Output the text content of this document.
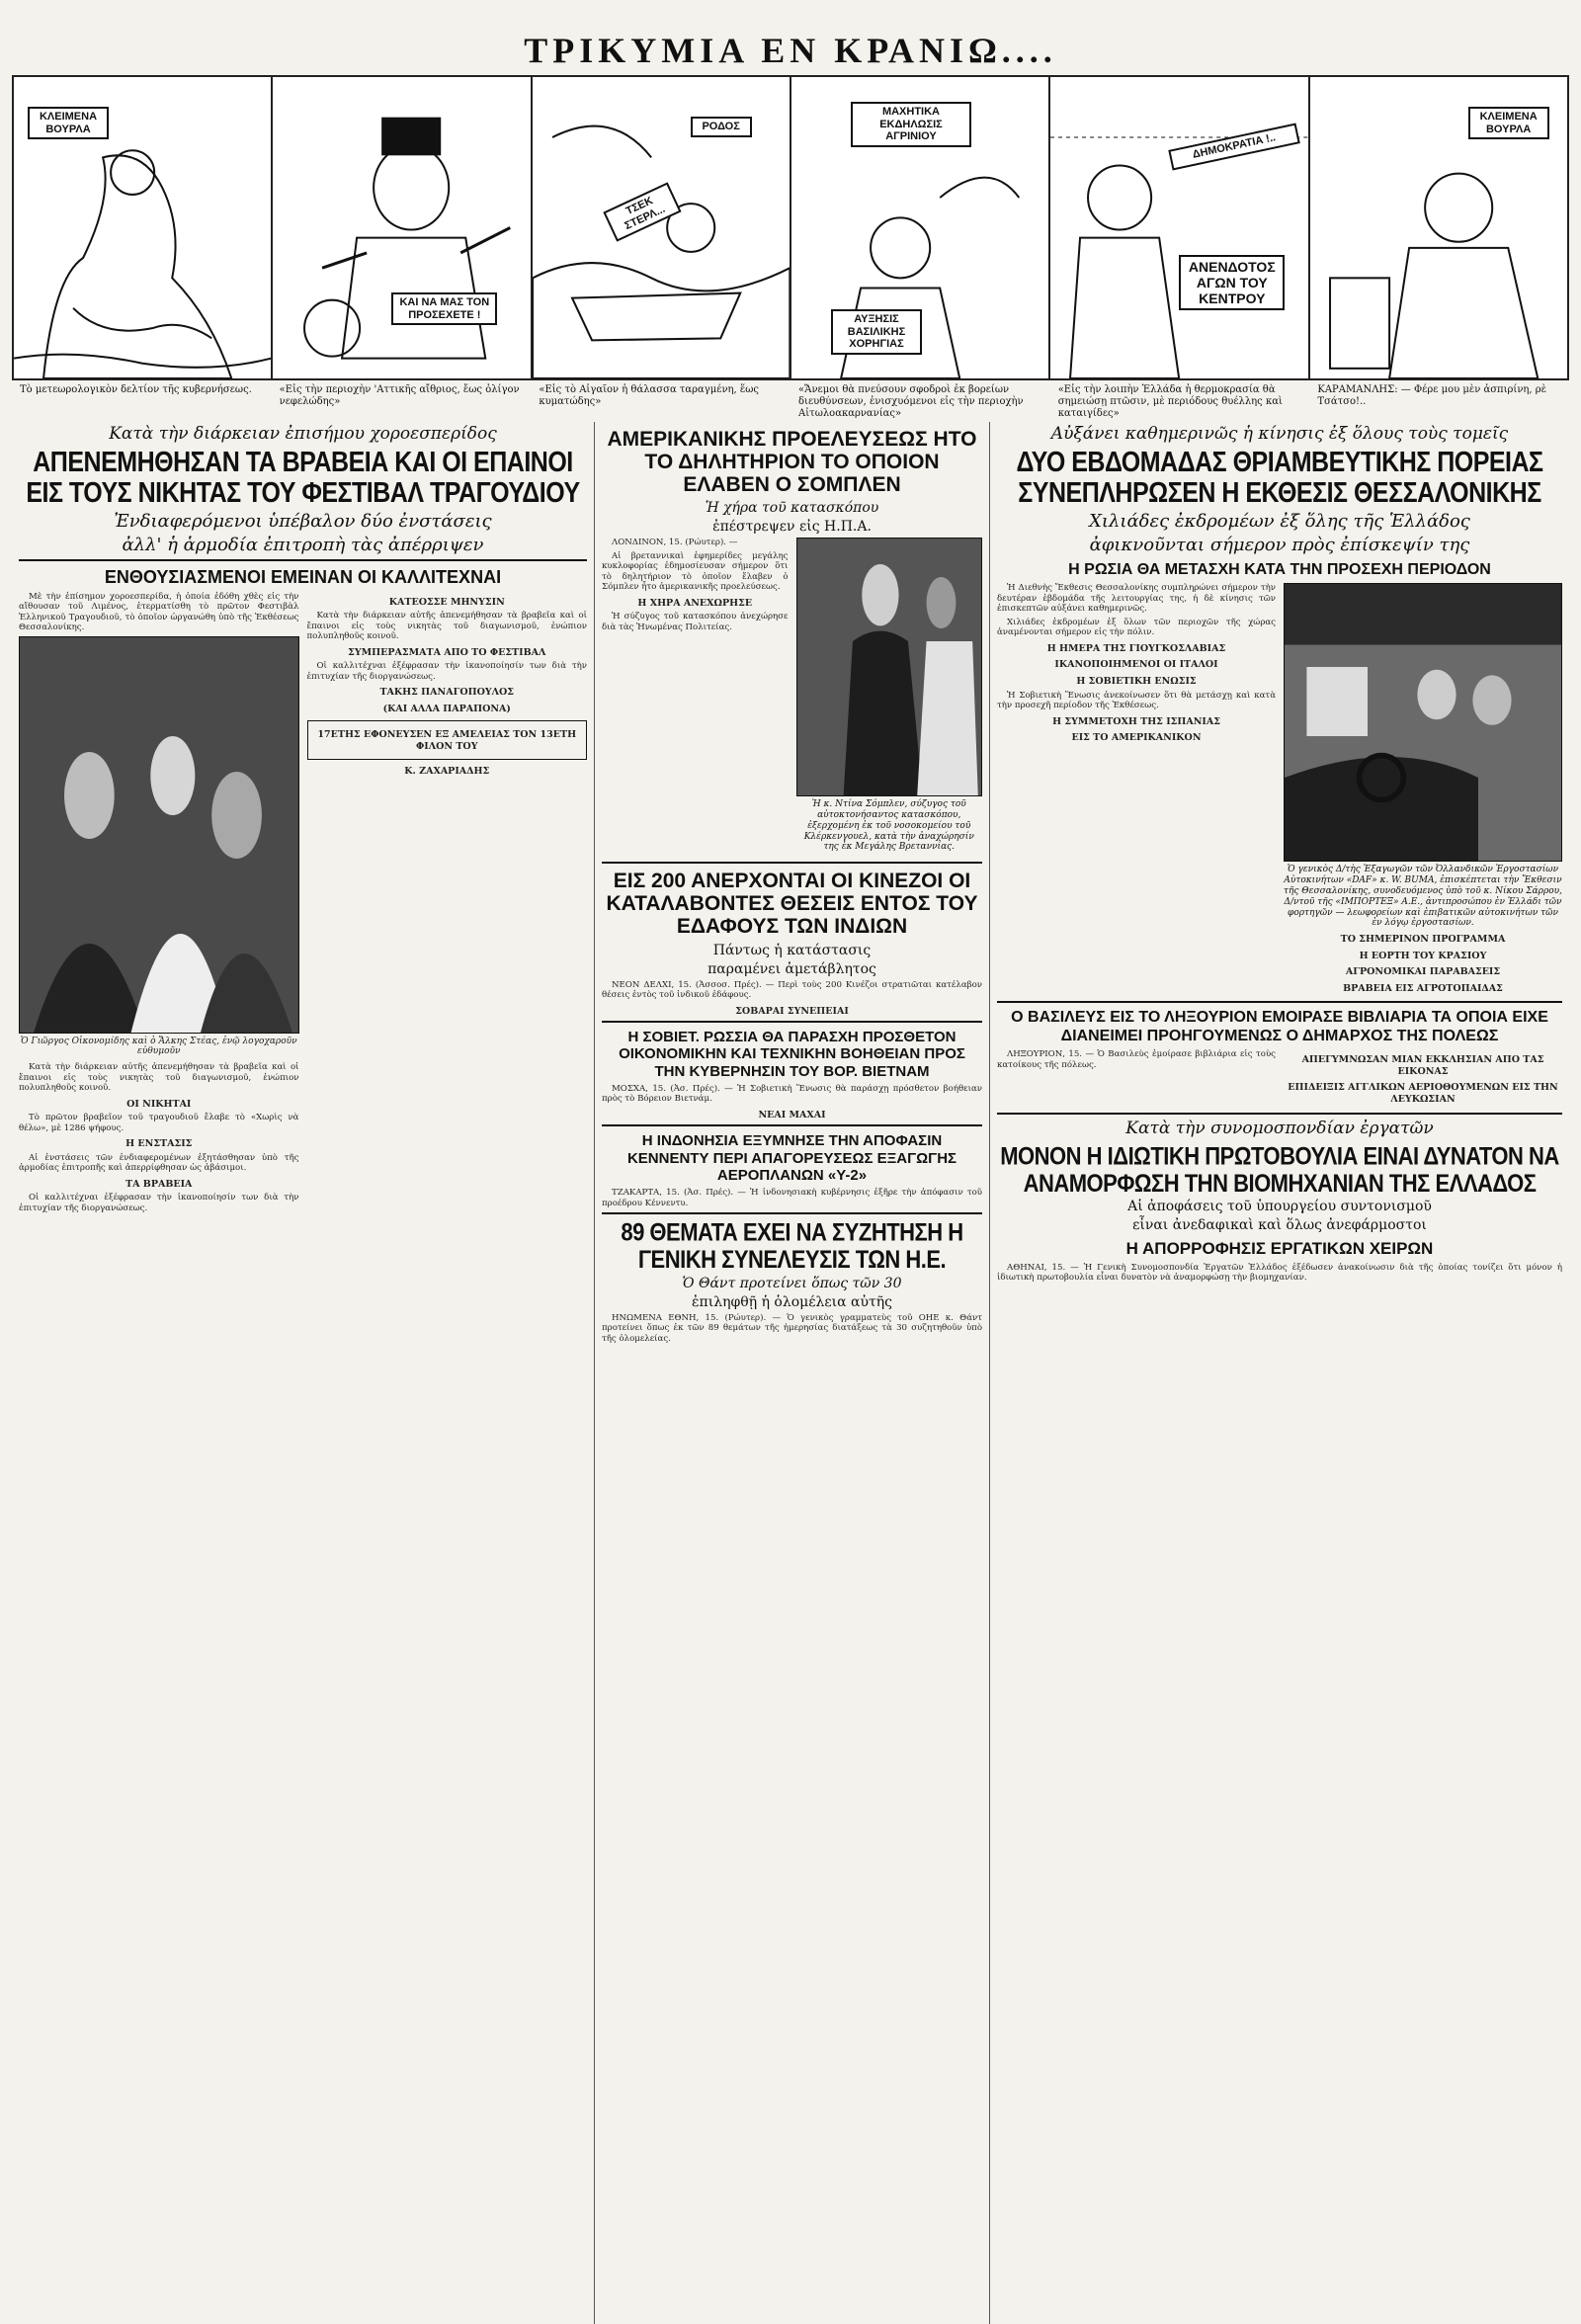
ΤΡΙΚΥΜΙΑ ΕΝ ΚΡΑΝΙΩ....
ΚΛΕΙΜΕΝΑ ΒΟΥΡΛΑ
ΚΑΙ ΝΑ ΜΑΣ ΤΟΝ ΠΡΟΣΕΧΕΤΕ !
ΡΟΔΟΣ
ΤΣΕΚ ΣΤΕΡΛ...
ΜΑΧΗΤΙΚΑ ΕΚΔΗΛΩΣΙΣ ΑΓΡΙΝΙΟΥ
ΑΥΞΗΣΙΣ ΒΑΣΙΛΙΚΗΣ ΧΟΡΗΓΙΑΣ
ΔΗΜΟΚΡΑΤΙΑ !..
ΑΝΕΝΔΟΤΟΣ ΑΓΩΝ ΤΟΥ ΚΕΝΤΡΟΥ
ΚΛΕΙΜΕΝΑ ΒΟΥΡΛΑ
Τὸ μετεωρολογικὸν δελτίον τῆς κυβερνήσεως.	«Εἰς τὴν περιοχὴν 'Αττικῆς αἴθριος, ἔως ὀλίγον νεφελώδης»
«Εἰς τὸ Αἰγαῖον ἡ θάλασσα ταραγμένη, ἕως κυματώδης»
«Ἄνεμοι θὰ πνεύσουν σφοδροὶ ἐκ βορείων διευθύνσεων, ἐνισχυόμενοι εἰς τὴν περιοχὴν Αἰτωλοακαρνανίας»
«Εἰς τὴν λοιπὴν Ἑλλάδα ἡ θερμοκρασία θὰ σημειώσῃ πτῶσιν, μὲ περιόδους θυέλλης καὶ καταιγίδες»
ΚΑΡΑΜΑΝΛΗΣ: — Φέρε μου μὲν ἀσπιρίνη, ρὲ Τσάτσο!..
Κατὰ τὴν διάρκειαν ἐπισήμου χοροεσπερίδος
ΑΠΕΝΕΜΗΘΗΣΑΝ ΤΑ ΒΡΑΒΕΙΑ ΚΑΙ ΟΙ ΕΠΑΙΝΟΙ ΕΙΣ ΤΟΥΣ ΝΙΚΗΤΑΣ ΤΟΥ ΦΕΣΤΙΒΑΛ ΤΡΑΓΟΥΔΙΟΥ
Ἐνδιαφερόμενοι ὑπέβαλον δύο ἐνστάσεις
ἀλλ' ἡ ἁρμοδία ἐπιτροπὴ τὰς ἀπέρριψεν
ΕΝΘΟΥΣΙΑΣΜΕΝΟΙ ΕΜΕΙΝΑΝ ΟΙ ΚΑΛΛΙΤΕΧΝΑΙ

Μὲ τὴν ἐπίσημον χοροεσπερίδα, ἡ ὁποία ἐδόθη χθὲς εἰς τὴν αἴθουσαν τοῦ Λιμένος, ἐτερματίσθη τὸ πρῶτον Φεστιβὰλ Ἑλληνικοῦ Τραγουδιοῦ, τὸ ὁποῖον ὠργανώθη ὑπὸ τῆς Ἐκθέσεως Θεσσαλονίκης.

Ὁ Γιῶργος Οἰκονομίδης καὶ ὁ Ἄλκης Στέας, ἐνῷ λογοχαροῦν εὐθυμοῦν

Κατὰ τὴν διάρκειαν αὐτῆς ἀπενεμήθησαν τὰ βραβεῖα καὶ οἱ ἔπαινοι εἰς τοὺς νικητὰς τοῦ διαγωνισμοῦ, ἐνώπιον πολυπληθοῦς κοινοῦ.

ΟΙ ΝΙΚΗΤΑΙ

Τὸ πρῶτον βραβεῖον τοῦ τραγουδιοῦ ἔλαβε τὸ «Χωρὶς νὰ θέλω», μὲ 1286 ψήφους.

Η ΕΝΣΤΑΣΙΣ

Αἱ ἐνστάσεις τῶν ἐνδιαφερομένων ἐξητάσθησαν ὑπὸ τῆς ἁρμοδίας ἐπιτροπῆς καὶ ἀπερρίφθησαν ὡς ἀβάσιμοι.

ΤΑ ΒΡΑΒΕΙΑ

Οἱ καλλιτέχναι ἐξέφρασαν τὴν ἱκανοποίησίν των διὰ τὴν ἐπιτυχίαν τῆς διοργανώσεως.

ΚΑΤΕΟΣΣΕ ΜΗΝΥΣΙΝ

Κατὰ τὴν διάρκειαν αὐτῆς ἀπενεμήθησαν τὰ βραβεῖα καὶ οἱ ἔπαινοι εἰς τοὺς νικητὰς τοῦ διαγωνισμοῦ, ἐνώπιον πολυπληθοῦς κοινοῦ.

ΣΥΜΠΕΡΑΣΜΑΤΑ ΑΠΟ ΤΟ ΦΕΣΤΙΒΑΛ

Οἱ καλλιτέχναι ἐξέφρασαν τὴν ἱκανοποίησίν των διὰ τὴν ἐπιτυχίαν τῆς διοργανώσεως.

ΤΑΚΗΣ ΠΑΝΑΓΟΠΟΥΛΟΣ
(ΚΑΙ ΑΛΛΑ ΠΑΡΑΠΟΝΑ)
17ΕΤΗΣ ΕΦΟΝΕΥΣΕΝ ΕΞ ΑΜΕΛΕΙΑΣ ΤΟΝ 13ΕΤΗ ΦΙΛΟΝ ΤΟΥ
Κ. ΖΑΧΑΡΙΑΔΗΣ
ΑΜΕΡΙΚΑΝΙΚΗΣ ΠΡΟΕΛΕΥΣΕΩΣ ΗΤΟ ΤΟ ΔΗΛΗΤΗΡΙΟΝ ΤΟ ΟΠΟΙΟΝ ΕΛΑΒΕΝ Ο ΣΟΜΠΛΕΝ
Ἡ χήρα τοῦ κατασκόπου
ἐπέστρεψεν εἰς Η.Π.Α.

ΛΟΝΔΙΝΟΝ, 15. (Ρώυτερ). —

Αἱ βρεταννικαὶ ἐφημερίδες μεγάλης κυκλοφορίας ἐδημοσίευσαν σήμερον ὅτι τὸ δηλητήριον τὸ ὁποῖον ἔλαβεν ὁ Σόμπλεν ἦτο ἀμερικανικῆς προελεύσεως.

Η ΧΗΡΑ ΑΝΕΧΩΡΗΣΕ

Ἡ σύζυγος τοῦ κατασκόπου ἀνεχώρησε διὰ τὰς Ἡνωμένας Πολιτείας.

Ἡ κ. Ντίνα Σόμπλεν, σύζυγος τοῦ αὐτοκτονήσαντος κατασκόπου, ἐξερχομένη ἐκ τοῦ νοσοκομείου τοῦ Κλέρκενγουελ, κατὰ τὴν ἀναχώρησίν της ἐκ Μεγάλης Βρεταννίας.
ΕΙΣ 200 ΑΝΕΡΧΟΝΤΑΙ ΟΙ ΚΙΝΕΖΟΙ ΟΙ ΚΑΤΑΛΑΒΟΝΤΕΣ ΘΕΣΕΙΣ ΕΝΤΟΣ ΤΟΥ ΕΔΑΦΟΥΣ ΤΩΝ ΙΝΔΙΩΝ
Πάντως ἡ κατάστασις
παραμένει ἀμετάβλητος

ΝΕΟΝ ΔΕΛΧΙ, 15. (Ἀσσοσ. Πρές). — Περὶ τοὺς 200 Κινέζοι στρατιῶται κατέλαβον θέσεις ἐντὸς τοῦ ἰνδικοῦ ἐδάφους.

ΣΟΒΑΡΑΙ ΣΥΝΕΠΕΙΑΙ
Η ΣΟΒΙΕΤ. ΡΩΣΣΙΑ ΘΑ ΠΑΡΑΣΧΗ ΠΡΟΣΘΕΤΟΝ ΟΙΚΟΝΟΜΙΚΗΝ ΚΑΙ ΤΕΧΝΙΚΗΝ ΒΟΗΘΕΙΑΝ ΠΡΟΣ ΤΗΝ ΚΥΒΕΡΝΗΣΙΝ ΤΟΥ ΒΟΡ. ΒΙΕΤΝΑΜ

ΜΟΣΧΑ, 15. (Ἀσ. Πρές). — Ἡ Σοβιετικὴ Ἕνωσις θὰ παράσχῃ πρόσθετον βοήθειαν πρὸς τὸ Βόρειον Βιετνάμ.

ΝΕΑΙ ΜΑΧΑΙ
Η ΙΝΔΟΝΗΣΙΑ ΕΞΥΜΝΗΣΕ ΤΗΝ ΑΠΟΦΑΣΙΝ ΚΕΝΝΕΝΤΥ ΠΕΡΙ ΑΠΑΓΟΡΕΥΣΕΩΣ ΕΞΑΓΩΓΗΣ ΑΕΡΟΠΛΑΝΩΝ «Υ-2»

ΤΖΑΚΑΡΤΑ, 15. (Ἀσ. Πρές). — Ἡ ἰνδονησιακὴ κυβέρνησις ἐξῆρε τὴν ἀπόφασιν τοῦ προέδρου Κέννεντυ.

89 ΘΕΜΑΤΑ ΕΧΕΙ ΝΑ ΣΥΖΗΤΗΣΗ Η ΓΕΝΙΚΗ ΣΥΝΕΛΕΥΣΙΣ ΤΩΝ Η.Ε.
Ὁ Θάντ προτείνει ὅπως τῶν 30
ἐπιληφθῇ ἡ ὁλομέλεια αὐτῆς

ΗΝΩΜΕΝΑ ΕΘΝΗ, 15. (Ρώυτερ). — Ὁ γενικὸς γραμματεὺς τοῦ ΟΗΕ κ. Θάντ προτείνει ὅπως ἐκ τῶν 89 θεμάτων τῆς ἡμερησίας διατάξεως τὰ 30 συζητηθοῦν ὑπὸ τῆς ὁλομελείας.

Αὐξάνει καθημερινῶς ἡ κίνησις ἐξ ὅλους τοὺς τομεῖς
ΔΥΟ ΕΒΔΟΜΑΔΑΣ ΘΡΙΑΜΒΕΥΤΙΚΗΣ ΠΟΡΕΙΑΣ ΣΥΝΕΠΛΗΡΩΣΕΝ Η ΕΚΘΕΣΙΣ ΘΕΣΣΑΛΟΝΙΚΗΣ
Χιλιάδες ἐκδρομέων ἐξ ὅλης τῆς Ἑλλάδος
ἀφικνοῦνται σήμερον πρὸς ἐπίσκεψίν της
Η ΡΩΣΙΑ ΘΑ ΜΕΤΑΣΧΗ ΚΑΤΑ ΤΗΝ ΠΡΟΣΕΧΗ ΠΕΡΙΟΔΟΝ

Ἡ Διεθνὴς Ἔκθεσις Θεσσαλονίκης συμπληρώνει σήμερον τὴν δευτέραν ἑβδομάδα τῆς λειτουργίας της, ἡ δὲ κίνησις τῶν ἐπισκεπτῶν αὐξάνει καθημερινῶς.

Χιλιάδες ἐκδρομέων ἐξ ὅλων τῶν περιοχῶν τῆς χώρας ἀναμένονται σήμερον εἰς τὴν πόλιν.

Η ΗΜΕΡΑ ΤΗΣ ΓΙΟΥΓΚΟΣΛΑΒΙΑΣ
ΙΚΑΝΟΠΟΙΗΜΕΝΟΙ ΟΙ ΙΤΑΛΟΙ
Η ΣΟΒΙΕΤΙΚΗ ΕΝΩΣΙΣ

Ἡ Σοβιετικὴ Ἕνωσις ἀνεκοίνωσεν ὅτι θὰ μετάσχῃ καὶ κατὰ τὴν προσεχῆ περίοδον τῆς Ἐκθέσεως.

Η ΣΥΜΜΕΤΟΧΗ ΤΗΣ ΙΣΠΑΝΙΑΣ
ΕΙΣ ΤΟ ΑΜΕΡΙΚΑΝΙΚΟΝ
Ὁ γενικὸς Δ/τὴς Ἐξαγωγῶν τῶν Ὀλλανδικῶν Ἐργοστασίων Αὐτοκινήτων «DAF» κ. W. BUMA, ἐπισκέπτεται τὴν Ἔκθεσιν τῆς Θεσσαλονίκης, συνοδευόμενος ὑπὸ τοῦ κ. Νίκου Σάρρου, Δ/ντοῦ τῆς «ΙΜΠΟΡΤΕΞ» Α.Ε., ἀντιπροσώπου ἐν Ἑλλάδι τῶν φορτηγῶν — λεωφορείων καὶ ἐπιβατικῶν αὐτοκινήτων τῶν ἐν λόγῳ ἐργοστασίων.
ΤΟ ΣΗΜΕΡΙΝΟΝ ΠΡΟΓΡΑΜΜΑ
Η ΕΟΡΤΗ ΤΟΥ ΚΡΑΣΙΟΥ
ΑΓΡΟΝΟΜΙΚΑΙ ΠΑΡΑΒΑΣΕΙΣ
ΒΡΑΒΕΙΑ ΕΙΣ ΑΓΡΟΤΟΠΑΙΔΑΣ
Ο ΒΑΣΙΛΕΥΣ ΕΙΣ ΤΟ ΛΗΞΟΥΡΙΟΝ ΕΜΟΙΡΑΣΕ ΒΙΒΛΙΑΡΙΑ ΤΑ ΟΠΟΙΑ ΕΙΧΕ ΔΙΑΝΕΙΜΕΙ ΠΡΟΗΓΟΥΜΕΝΩΣ Ο ΔΗΜΑΡΧΟΣ ΤΗΣ ΠΟΛΕΩΣ

ΛΗΞΟΥΡΙΟΝ, 15. — Ὁ Βασιλεὺς ἐμοίρασε βιβλιάρια εἰς τοὺς κατοίκους τῆς πόλεως.	ΑΠΕΓΥΜΝΩΣΑΝ ΜΙΑΝ ΕΚΚΛΗΣΙΑΝ ΑΠΟ ΤΑΣ ΕΙΚΟΝΑΣ
ΕΠΙΔΕΙΞΙΣ ΑΓΓΛΙΚΩΝ ΑΕΡΙΟΘΟΥΜΕΝΩΝ ΕΙΣ ΤΗΝ ΛΕΥΚΩΣΙΑΝ
Κατὰ τὴν συνομοσπονδίαν ἐργατῶν
ΜΟΝΟΝ Η ΙΔΙΩΤΙΚΗ ΠΡΩΤΟΒΟΥΛΙΑ ΕΙΝΑΙ ΔΥΝΑΤΟΝ ΝΑ ΑΝΑΜΟΡΦΩΣΗ ΤΗΝ ΒΙΟΜΗΧΑΝΙΑΝ ΤΗΣ ΕΛΛΑΔΟΣ
Αἱ ἀποφάσεις τοῦ ὑπουργείου συντονισμοῦ
εἶναι ἀνεδαφικαὶ καὶ ὅλως ἀνεφάρμοστοι
Η ΑΠΟΡΡΟΦΗΣΙΣ ΕΡΓΑΤΙΚΩΝ ΧΕΙΡΩΝ

ΑΘΗΝΑΙ, 15. — Ἡ Γενικὴ Συνομοσπονδία Ἐργατῶν Ἑλλάδος ἐξέδωσεν ἀνακοίνωσιν διὰ τῆς ὁποίας τονίζει ὅτι μόνον ἡ ἰδιωτικὴ πρωτοβουλία εἶναι δυνατὸν νὰ ἀναμορφώσῃ τὴν βιομηχανίαν.
